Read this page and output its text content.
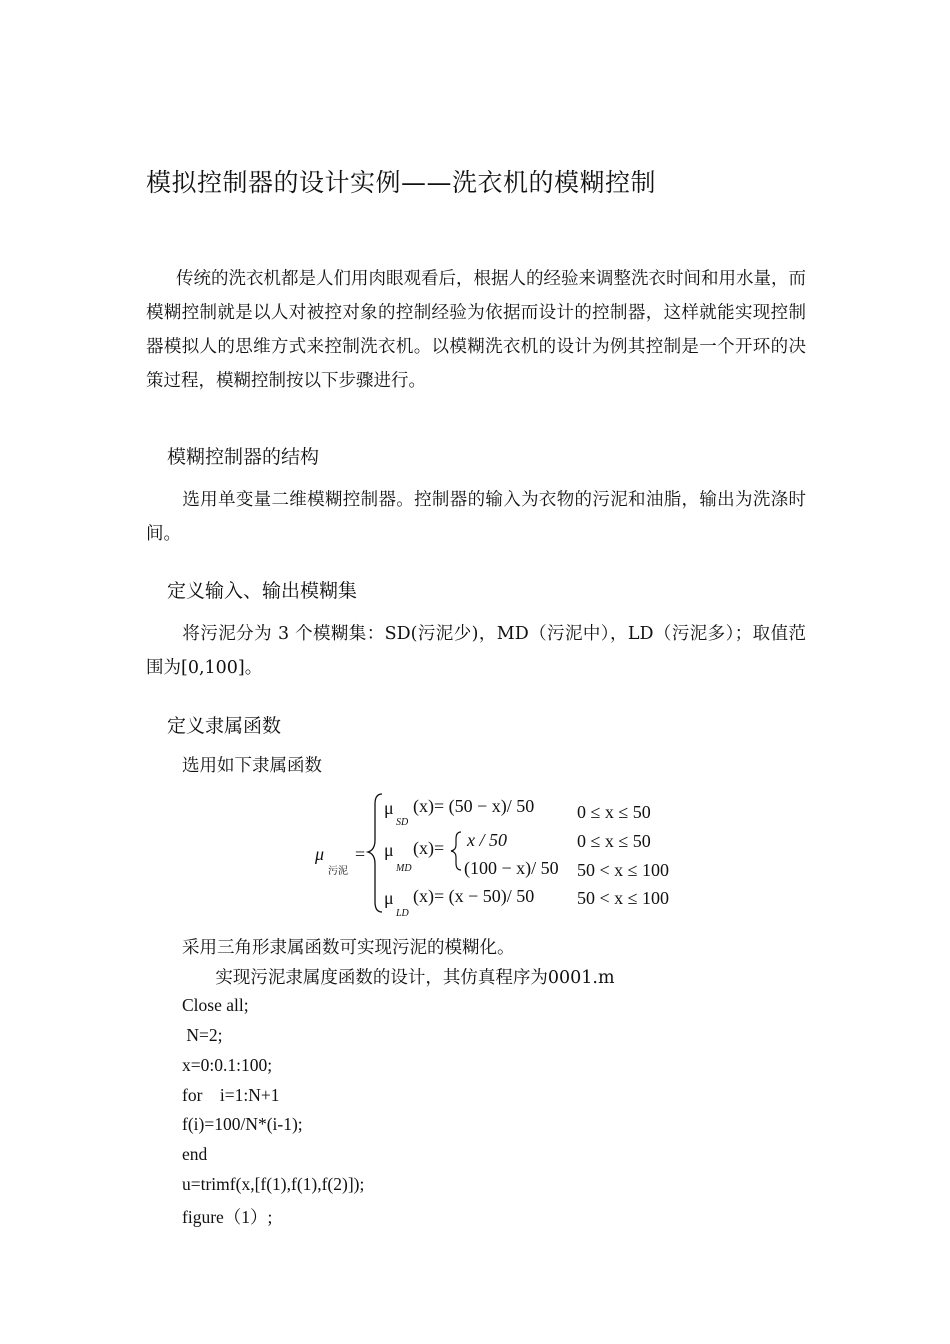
模拟控制器的设计实例——洗衣机的模糊控制
传统的洗衣机都是人们用肉眼观看后，根据人的经验来调整洗衣时间和用水量，而模糊控制就是以人对被控对象的控制经验为依据而设计的控制器，这样就能实现控制器模拟人的思维方式来控制洗衣机。以模糊洗衣机的设计为例其控制是一个开环的决策过程，模糊控制按以下步骤进行。
模糊控制器的结构
选用单变量二维模糊控制器。控制器的输入为衣物的污泥和油脂，输出为洗涤时间。
定义输入、输出模糊集
将污泥分为 3 个模糊集：SD(污泥少)，MD（污泥中），LD（污泥多）；取值范围为[0,100]。
定义隶属函数
选用如下隶属函数
μ
污泥
=
μ
SD
(x)= (50 − x)/ 50 0 ≤ x ≤ 50
μ
MD
(x)= x / 50	0 ≤ x ≤ 50
(100 − x)/ 50 50 < x ≤ 100
μ
LD
(x)= (x − 50)/ 50 50 < x ≤ 100
采用三角形隶属函数可实现污泥的模糊化。
实现污泥隶属度函数的设计，其仿真程序为0001.m
Close all;
N=2;
x=0:0.1:100;
for    i=1:N+1
f(i)=100/N*(i-1);
end
u=trimf(x,[f(1),f(1),f(2)]);
figure（1）;
